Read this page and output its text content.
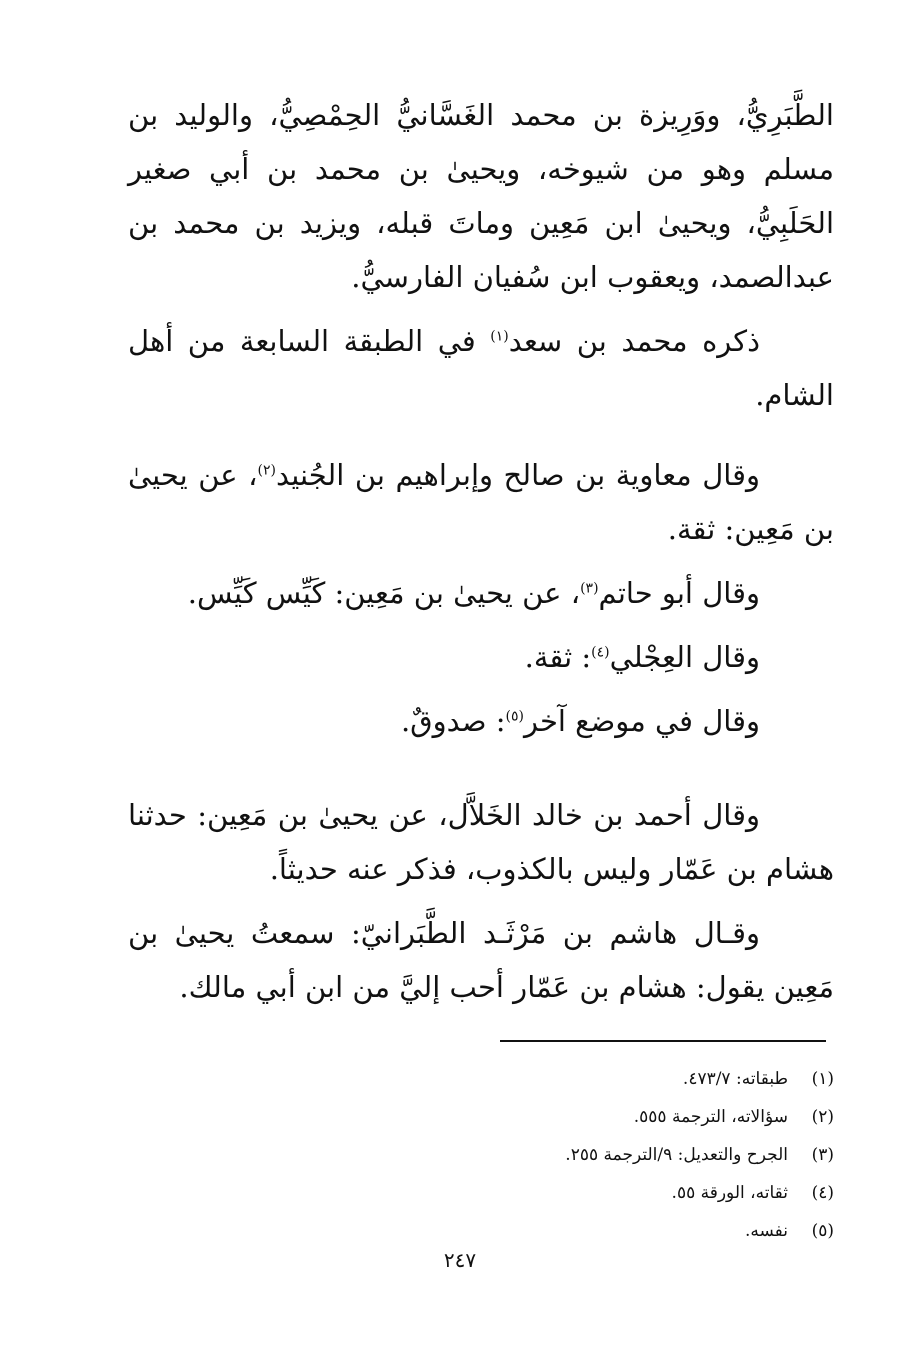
الطَّبَرِيُّ، ووَرِيزة بن محمد الغَسَّانيُّ الحِمْصِيُّ، والوليد بن مسلم وهو من شيوخه، ويحيىٰ بن محمد بن أبي صغير الحَلَبِيُّ، ويحيىٰ ابن مَعِين وماتَ قبله، ويزيد بن محمد بن عبدالصمد، ويعقوب ابن سُفيان الفارسيُّ.

ذكره محمد بن سعد$^{(١)}$ في الطبقة السابعة من أهل الشام.

وقال معاوية بن صالح وإبراهيم بن الجُنيد$^{(٢)}$، عن يحيىٰ بن مَعِين: ثقة.

وقال أبو حاتم$^{(٣)}$، عن يحيىٰ بن مَعِين: كَيِّس كَيِّس.

وقال العِجْلي$^{(٤)}$: ثقة.

وقال في موضع آخر$^{(٥)}$: صدوقٌ.

وقال أحمد بن خالد الخَلاَّل، عن يحيىٰ بن مَعِين: حدثنا هشام بن عَمّار وليس بالكذوب، فذكر عنه حديثاً.

وقـال هاشم بن مَرْثَـد الطَّبَرانيّ: سمعتُ يحيىٰ بن مَعِين يقول: هشام بن عَمّار أحب إليَّ من ابن أبي مالك.

(١)
طبقاته: ٤٧٣/٧.
(٢)
سؤالاته، الترجمة ٥٥٥.
(٣)
الجرح والتعديل: ٩/الترجمة ٢٥٥.
(٤)
ثقاته، الورقة ٥٥.
(٥)
نفسه.
٢٤٧
